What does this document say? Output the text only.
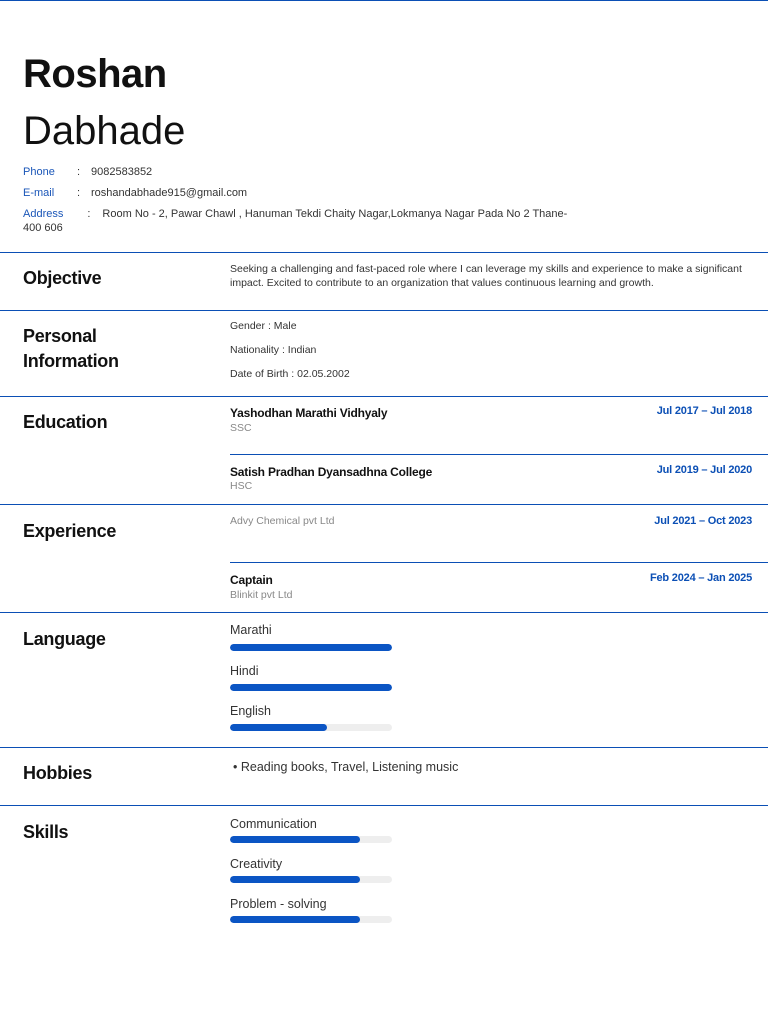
Roshan
Dabhade
Phone : 9082583852
E-mail : roshandabhade915@gmail.com
Address : Room No - 2, Pawar Chawl , Hanuman Tekdi Chaity Nagar,Lokmanya Nagar Pada No 2 Thane-400 606
Objective	Seeking a challenging and fast-paced role where I can leverage my skills and experience to make a significant impact. Excited to contribute to an organization that values continuous learning and growth.
Personal
Information
Gender : Male
Nationality : Indian
Date of Birth : 02.05.2002
Education	Yashodhan Marathi Vidhyaly
SSC
Jul 2017 – Jul 2018
Satish Pradhan Dyansadhna College
HSC
Jul 2019 – Jul 2020
Experience	Advy Chemical pvt Ltd	Jul 2021 – Oct 2023
Captain
Blinkit pvt Ltd
Feb 2024 – Jan 2025
Language	Marathi
Hindi
English
Hobbies	• Reading books, Travel, Listening music
Skills	Communication
Creativity
Problem - solving
